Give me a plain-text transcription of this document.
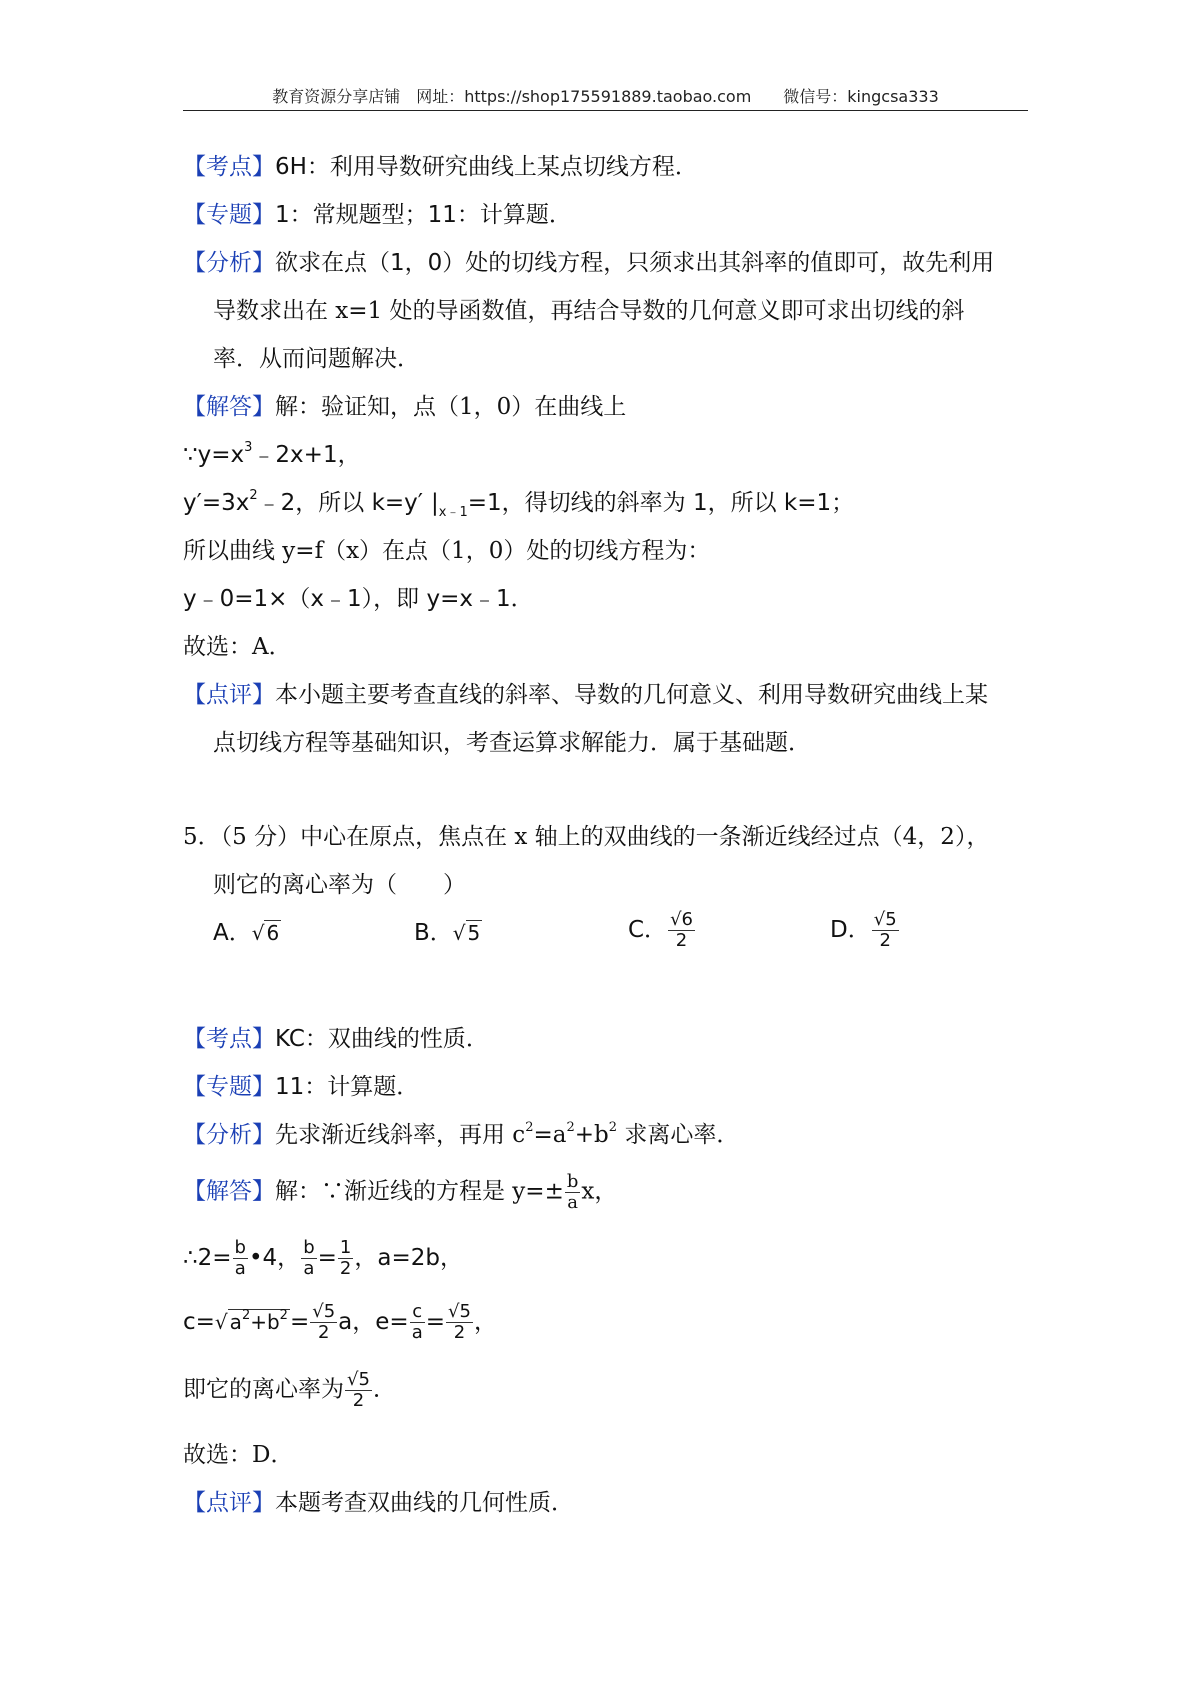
教育资源分享店铺　网址：https://shop175591889.taobao.com　　微信号：kingcsa333
【考点】6H：利用导数研究曲线上某点切线方程．
【专题】1：常规题型；11：计算题．
【分析】欲求在点（1，0）处的切线方程，只须求出其斜率的值即可，故先利用
导数求出在 x=1 处的导函数值，再结合导数的几何意义即可求出切线的斜
率．从而问题解决．
【解答】解：验证知，点（1，0）在曲线上
$\because y=x^3﹣2x+1$，
$y'=3x^2﹣2$，所以 k=y′ $|_{x﹣1}=1$，得切线的斜率为 1，所以 k=1；
所以曲线 y=f（x）在点（1，0）处的切线方程为：
y﹣0=1×（x﹣1），即 y=x﹣1．
故选：A．
【点评】本小题主要考查直线的斜率、导数的几何意义、利用导数研究曲线上某
点切线方程等基础知识，考查运算求解能力．属于基础题．
5．（5 分）中心在原点，焦点在 x 轴上的双曲线的一条渐近线经过点（4，2），
则它的离心率为（　　）
A．√ 6	B．√ 5	C． $\frac{√6}{2}$	D． $\frac{√5}{2}$
【考点】KC：双曲线的性质．
【专题】11：计算题．
【分析】先求渐近线斜率，再用 $c^2=a^2+b^2$ 求离心率．
【解答】解：∵渐近线的方程是 $y=\pm \frac{b}{a}$ x，
∴2= $\frac{b}{a}$ •4， $\frac{b}{a} = \frac{1}{2}$ ，a=2b，
c=√ $a^2+b^2= \frac{√5}{2}$ a，$e= \frac{c}{a} = \frac{√5}{2}$ ，
即它的离心率为 $\frac{√5}{2}$ ．
故选：D．
【点评】本题考查双曲线的几何性质．
